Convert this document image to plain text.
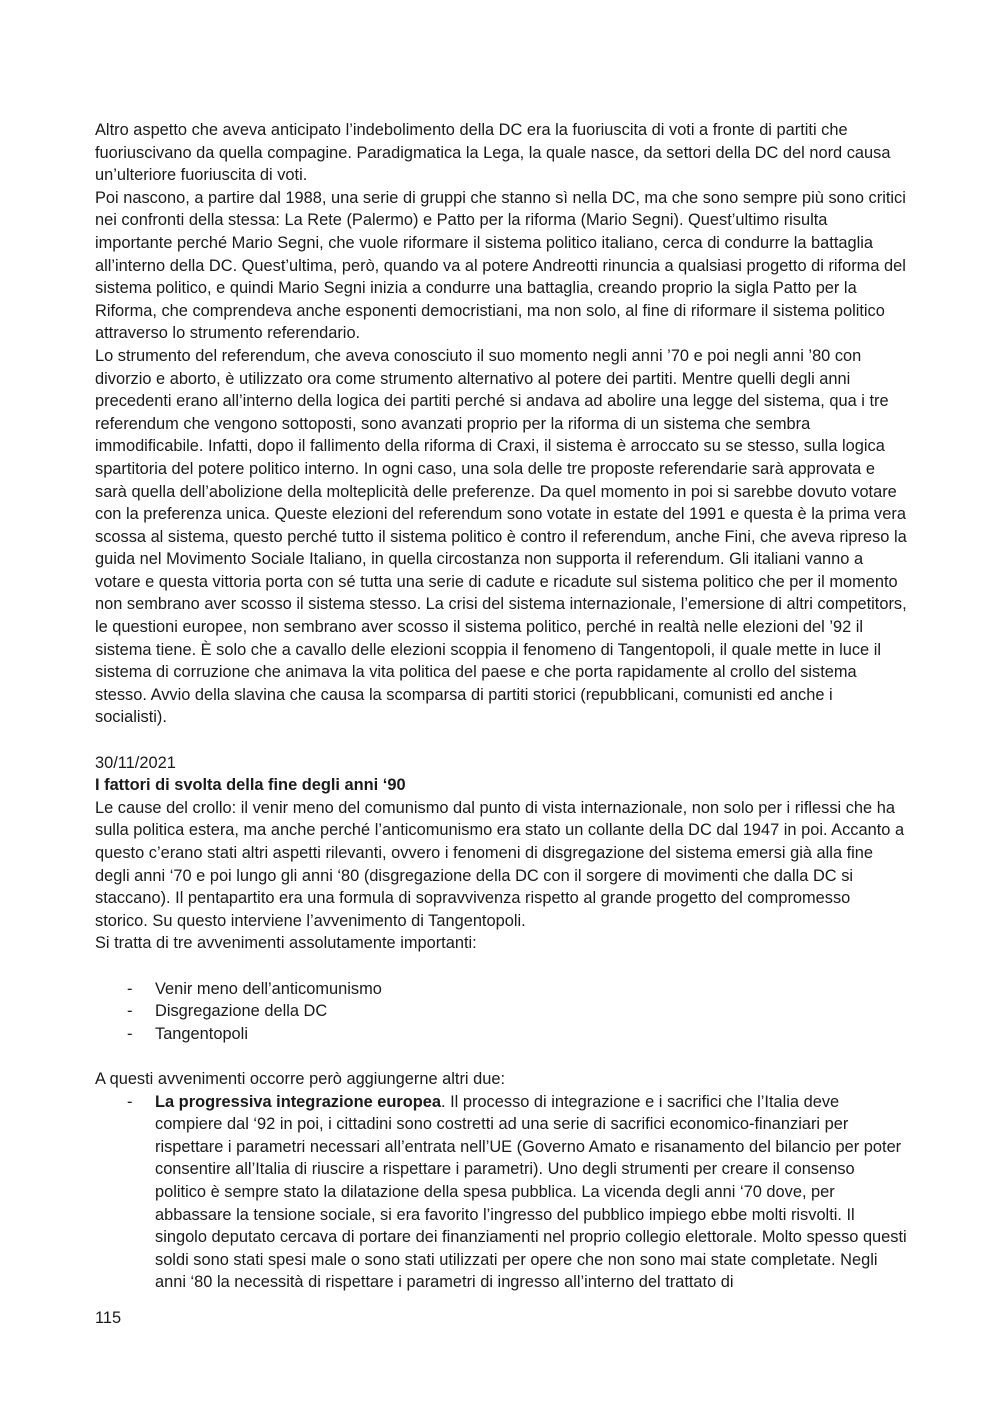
Altro aspetto che aveva anticipato l’indebolimento della DC era la fuoriuscita di voti a fronte di partiti che fuoriuscivano da quella compagine. Paradigmatica la Lega, la quale nasce, da settori della DC del nord causa un’ulteriore fuoriuscita di voti.

Poi nascono, a partire dal 1988, una serie di gruppi che stanno sì nella DC, ma che sono sempre più sono critici nei confronti della stessa: La Rete (Palermo) e Patto per la riforma (Mario Segni). Quest’ultimo risulta importante perché Mario Segni, che vuole riformare il sistema politico italiano, cerca di condurre la battaglia all’interno della DC. Quest’ultima, però, quando va al potere Andreotti rinuncia a qualsiasi progetto di riforma del sistema politico, e quindi Mario Segni inizia a condurre una battaglia, creando proprio la sigla Patto per la Riforma, che comprendeva anche esponenti democristiani, ma non solo, al fine di riformare il sistema politico attraverso lo strumento referendario.

Lo strumento del referendum, che aveva conosciuto il suo momento negli anni ’70 e poi negli anni ’80 con divorzio e aborto, è utilizzato ora come strumento alternativo al potere dei partiti. Mentre quelli degli anni precedenti erano all’interno della logica dei partiti perché si andava ad abolire una legge del sistema, qua i tre referendum che vengono sottoposti, sono avanzati proprio per la riforma di un sistema che sembra immodificabile. Infatti, dopo il fallimento della riforma di Craxi, il sistema è arroccato su se stesso, sulla logica spartitoria del potere politico interno. In ogni caso, una sola delle tre proposte referendarie sarà approvata e sarà quella dell’abolizione della molteplicità delle preferenze. Da quel momento in poi si sarebbe dovuto votare con la preferenza unica. Queste elezioni del referendum sono votate in estate del 1991 e questa è la prima vera scossa al sistema, questo perché tutto il sistema politico è contro il referendum, anche Fini, che aveva ripreso la guida nel Movimento Sociale Italiano, in quella circostanza non supporta il referendum. Gli italiani vanno a votare e questa vittoria porta con sé tutta una serie di cadute e ricadute sul sistema politico che per il momento non sembrano aver scosso il sistema stesso. La crisi del sistema internazionale, l’emersione di altri competitors, le questioni europee, non sembrano aver scosso il sistema politico, perché in realtà nelle elezioni del ’92 il sistema tiene. È solo che a cavallo delle elezioni scoppia il fenomeno di Tangentopoli, il quale mette in luce il sistema di corruzione che animava la vita politica del paese e che porta rapidamente al crollo del sistema stesso. Avvio della slavina che causa la scomparsa di partiti storici (repubblicani, comunisti ed anche i socialisti).

30/11/2021

I fattori di svolta della fine degli anni ‘90

Le cause del crollo: il venir meno del comunismo dal punto di vista internazionale, non solo per i riflessi che ha sulla politica estera, ma anche perché l’anticomunismo era stato un collante della DC dal 1947 in poi. Accanto a questo c’erano stati altri aspetti rilevanti, ovvero i fenomeni di disgregazione del sistema emersi già alla fine degli anni ‘70 e poi lungo gli anni ‘80 (disgregazione della DC con il sorgere di movimenti che dalla DC si staccano). Il pentapartito era una formula di sopravvivenza rispetto al grande progetto del compromesso storico. Su questo interviene l’avvenimento di Tangentopoli.

Si tratta di tre avvenimenti assolutamente importanti:

- Venir meno dell’anticomunismo
- Disgregazione della DC
- Tangentopoli

A questi avvenimenti occorre però aggiungerne altri due:

- La progressiva integrazione europea. Il processo di integrazione e i sacrifici che l’Italia deve compiere dal ‘92 in poi, i cittadini sono costretti ad una serie di sacrifici economico-finanziari per rispettare i parametri necessari all’entrata nell’UE (Governo Amato e risanamento del bilancio per poter consentire all’Italia di riuscire a rispettare i parametri). Uno degli strumenti per creare il consenso politico è sempre stato la dilatazione della spesa pubblica. La vicenda degli anni ‘70 dove, per abbassare la tensione sociale, si era favorito l’ingresso del pubblico impiego ebbe molti risvolti. Il singolo deputato cercava di portare dei finanziamenti nel proprio collegio elettorale. Molto spesso questi soldi sono stati spesi male o sono stati utilizzati per opere che non sono mai state completate. Negli anni ‘80 la necessità di rispettare i parametri di ingresso all’interno del trattato di
115
